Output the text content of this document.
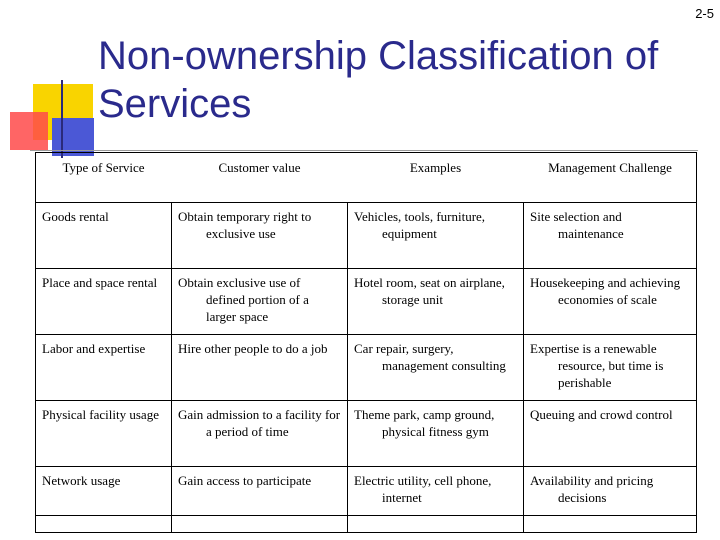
2-5
Non-ownership Classification of Services
Type of Service	Customer value	Examples	Management Challenge

Goods rental	Obtain temporary right to exclusive use	Vehicles, tools, furniture, equipment	Site selection and maintenance

Place and space rental	Obtain exclusive use of defined portion of a larger space	Hotel room, seat on airplane, storage unit	Housekeeping and achieving economies of scale

Labor and expertise	Hire other people to do a job	Car repair, surgery, management consulting	Expertise is a renewable resource, but time is perishable

Physical facility usage	Gain admission to a facility for a period of time	Theme park, camp ground, physical fitness gym	Queuing and crowd control

Network usage	Gain access to participate	Electric utility, cell phone, internet	Availability and pricing decisions
